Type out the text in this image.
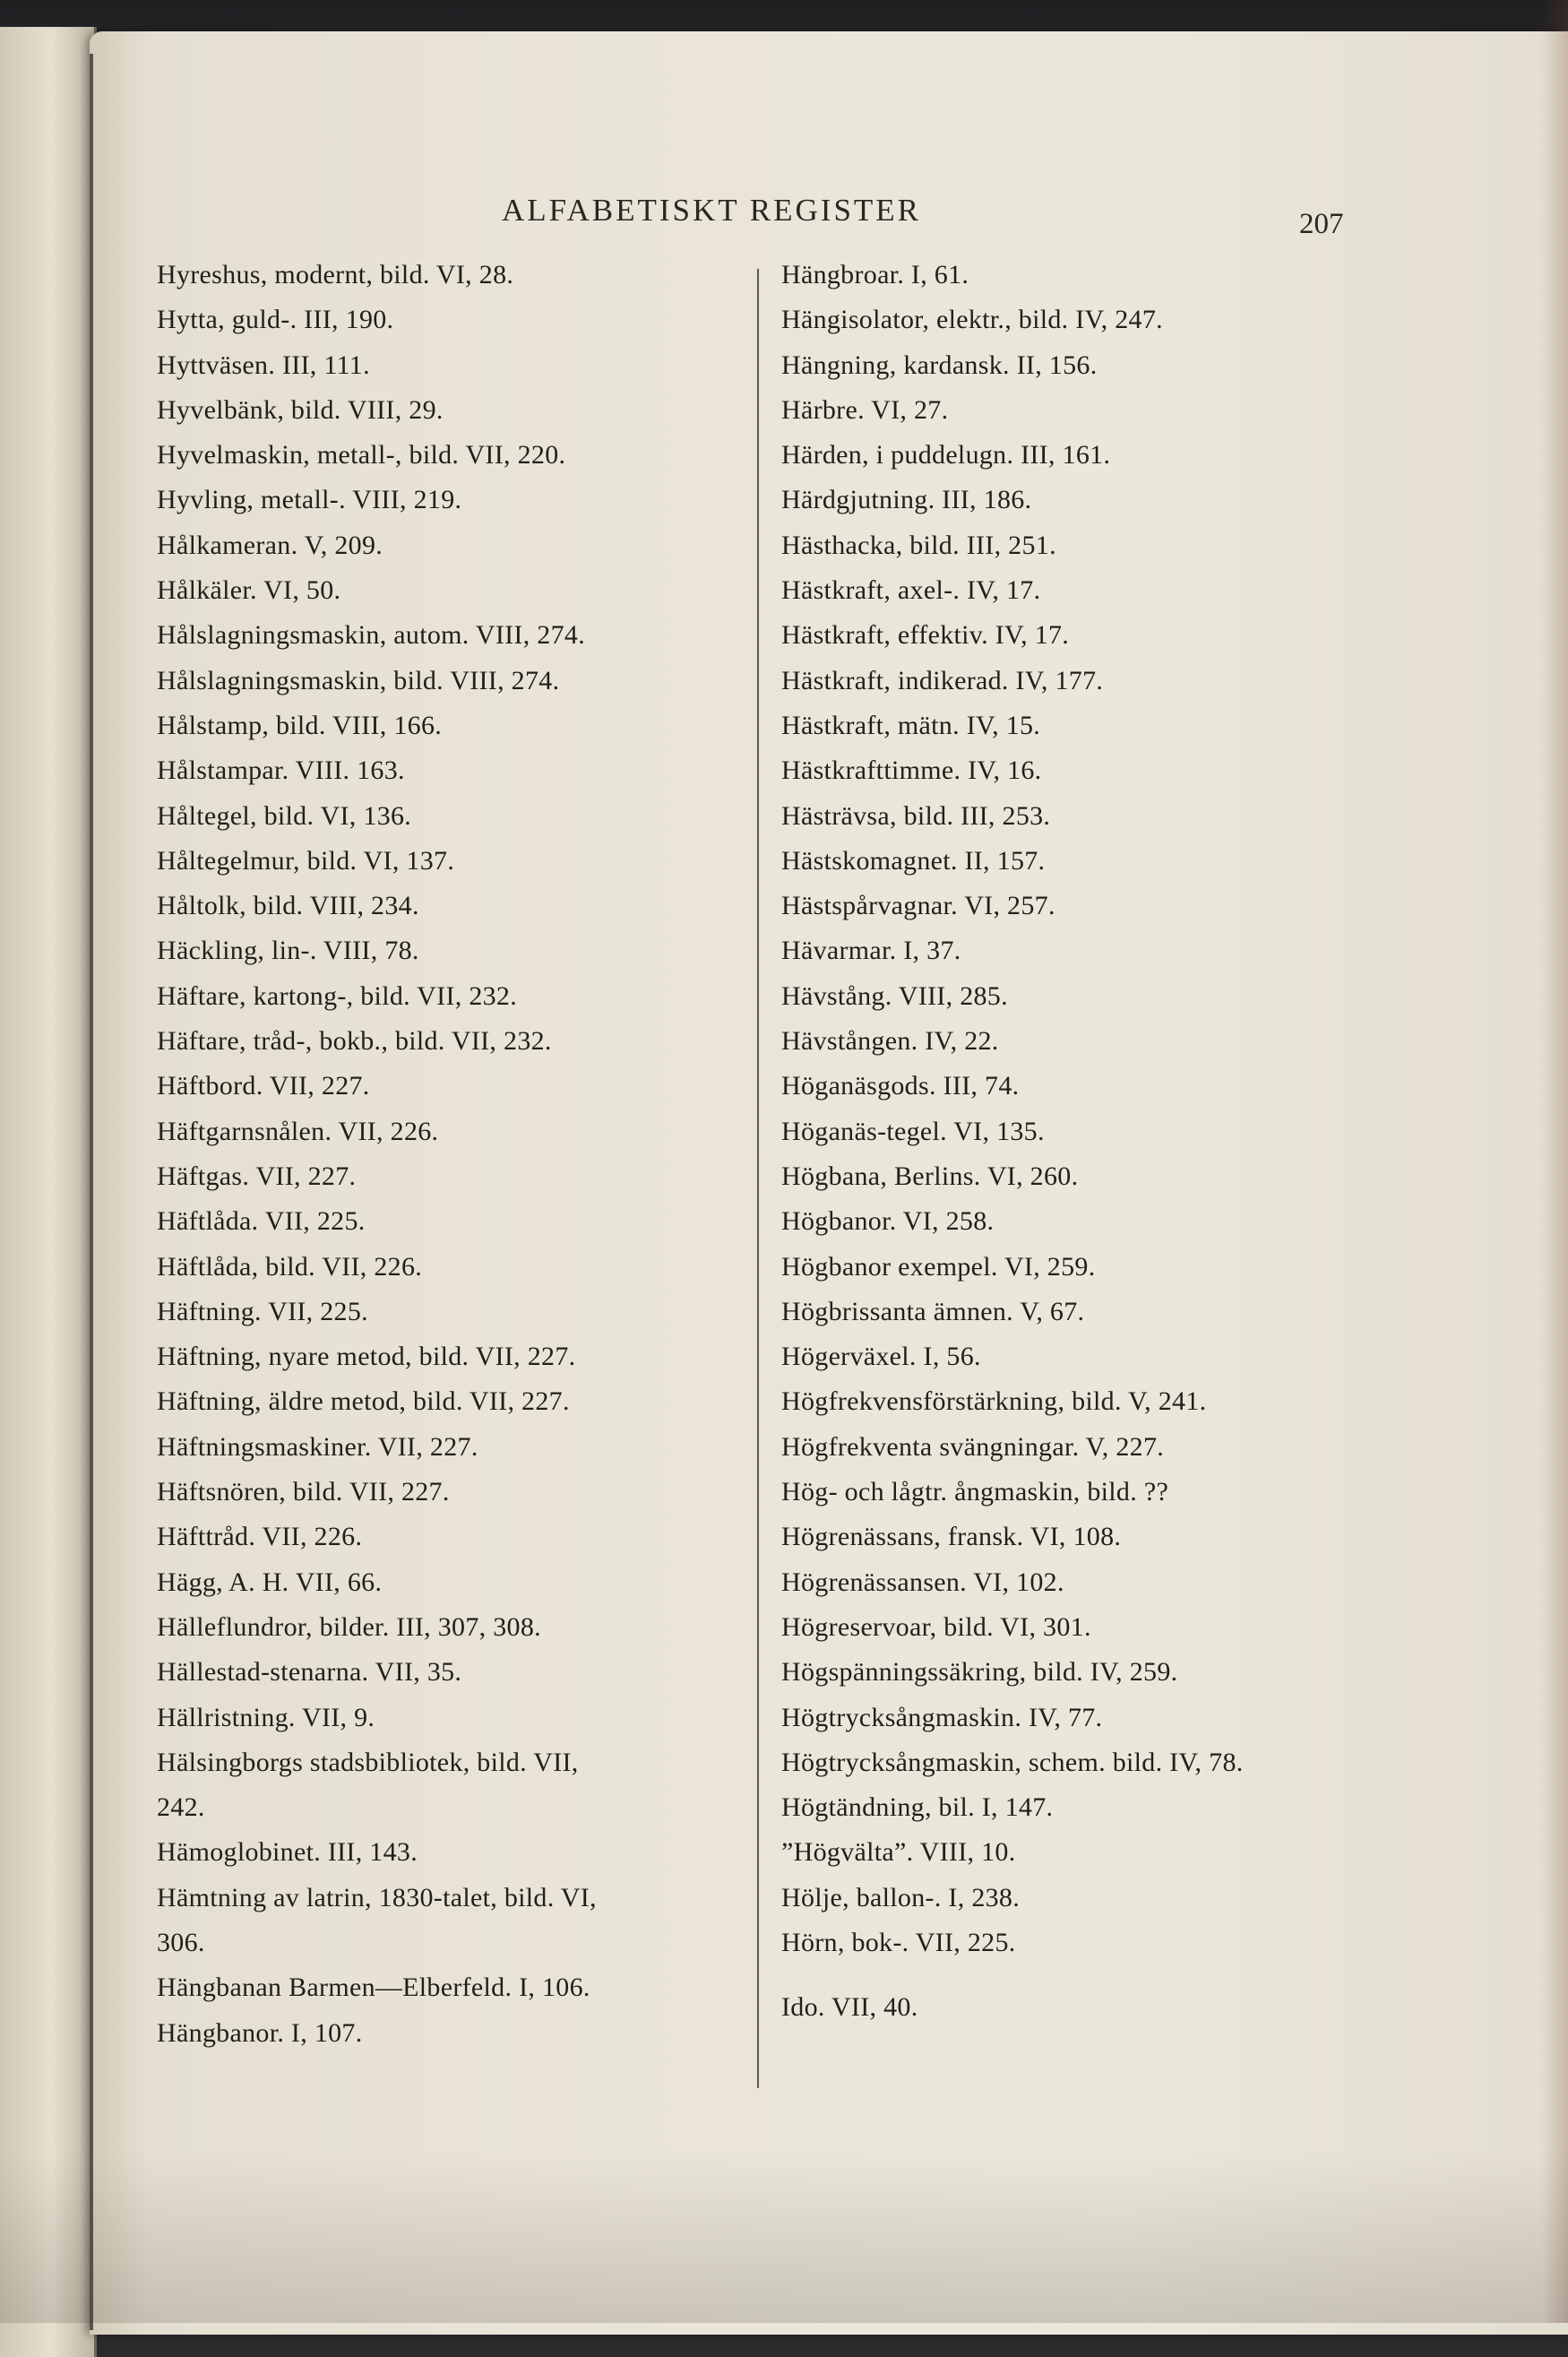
ALFABETISKT REGISTER	207
Hyreshus, modernt, bild. VI, 28.
Hytta, guld-. III, 190.
Hyttväsen. III, 111.
Hyvelbänk, bild. VIII, 29.
Hyvelmaskin, metall-, bild. VII, 220.
Hyvling, metall-. VIII, 219.
Hålkameran. V, 209.
Hålkäler. VI, 50.
Hålslagningsmaskin, autom. VIII, 274.
Hålslagningsmaskin, bild. VIII, 274.
Hålstamp, bild. VIII, 166.
Hålstampar. VIII. 163.
Håltegel, bild. VI, 136.
Håltegelmur, bild. VI, 137.
Håltolk, bild. VIII, 234.
Häckling, lin-. VIII, 78.
Häftare, kartong-, bild. VII, 232.
Häftare, tråd-, bokb., bild. VII, 232.
Häftbord. VII, 227.
Häftgarnsnålen. VII, 226.
Häftgas. VII, 227.
Häftlåda. VII, 225.
Häftlåda, bild. VII, 226.
Häftning. VII, 225.
Häftning, nyare metod, bild. VII, 227.
Häftning, äldre metod, bild. VII, 227.
Häftningsmaskiner. VII, 227.
Häftsnören, bild. VII, 227.
Häfttråd. VII, 226.
Hägg, A. H. VII, 66.
Hälleflundror, bilder. III, 307, 308.
Hällestad-stenarna. VII, 35.
Hällristning. VII, 9.
Hälsingborgs stadsbibliotek, bild. VII,
242.
Hämoglobinet. III, 143.
Hämtning av latrin, 1830-talet, bild. VI,
306.
Hängbanan Barmen—Elberfeld. I, 106.
Hängbanor. I, 107.
Hängbroar. I, 61.
Hängisolator, elektr., bild. IV, 247.
Hängning, kardansk. II, 156.
Härbre. VI, 27.
Härden, i puddelugn. III, 161.
Härdgjutning. III, 186.
Hästhacka, bild. III, 251.
Hästkraft, axel-. IV, 17.
Hästkraft, effektiv. IV, 17.
Hästkraft, indikerad. IV, 177.
Hästkraft, mätn. IV, 15.
Hästkrafttimme. IV, 16.
Hästrävsa, bild. III, 253.
Hästskomagnet. II, 157.
Hästspårvagnar. VI, 257.
Hävarmar. I, 37.
Hävstång. VIII, 285.
Hävstången. IV, 22.
Höganäsgods. III, 74.
Höganäs-tegel. VI, 135.
Högbana, Berlins. VI, 260.
Högbanor. VI, 258.
Högbanor exempel. VI, 259.
Högbrissanta ämnen. V, 67.
Högerväxel. I, 56.
Högfrekvensförstärkning, bild. V, 241.
Högfrekventa svängningar. V, 227.
Hög- och lågtr. ångmaskin, bild. ??
Högrenässans, fransk. VI, 108.
Högrenässansen. VI, 102.
Högreservoar, bild. VI, 301.
Högspänningssäkring, bild. IV, 259.
Högtrycksångmaskin. IV, 77.
Högtrycksångmaskin, schem. bild. IV, 78.
Högtändning, bil. I, 147.
”Högvälta”. VIII, 10.
Hölje, ballon-. I, 238.
Hörn, bok-. VII, 225.
Ido. VII, 40.
